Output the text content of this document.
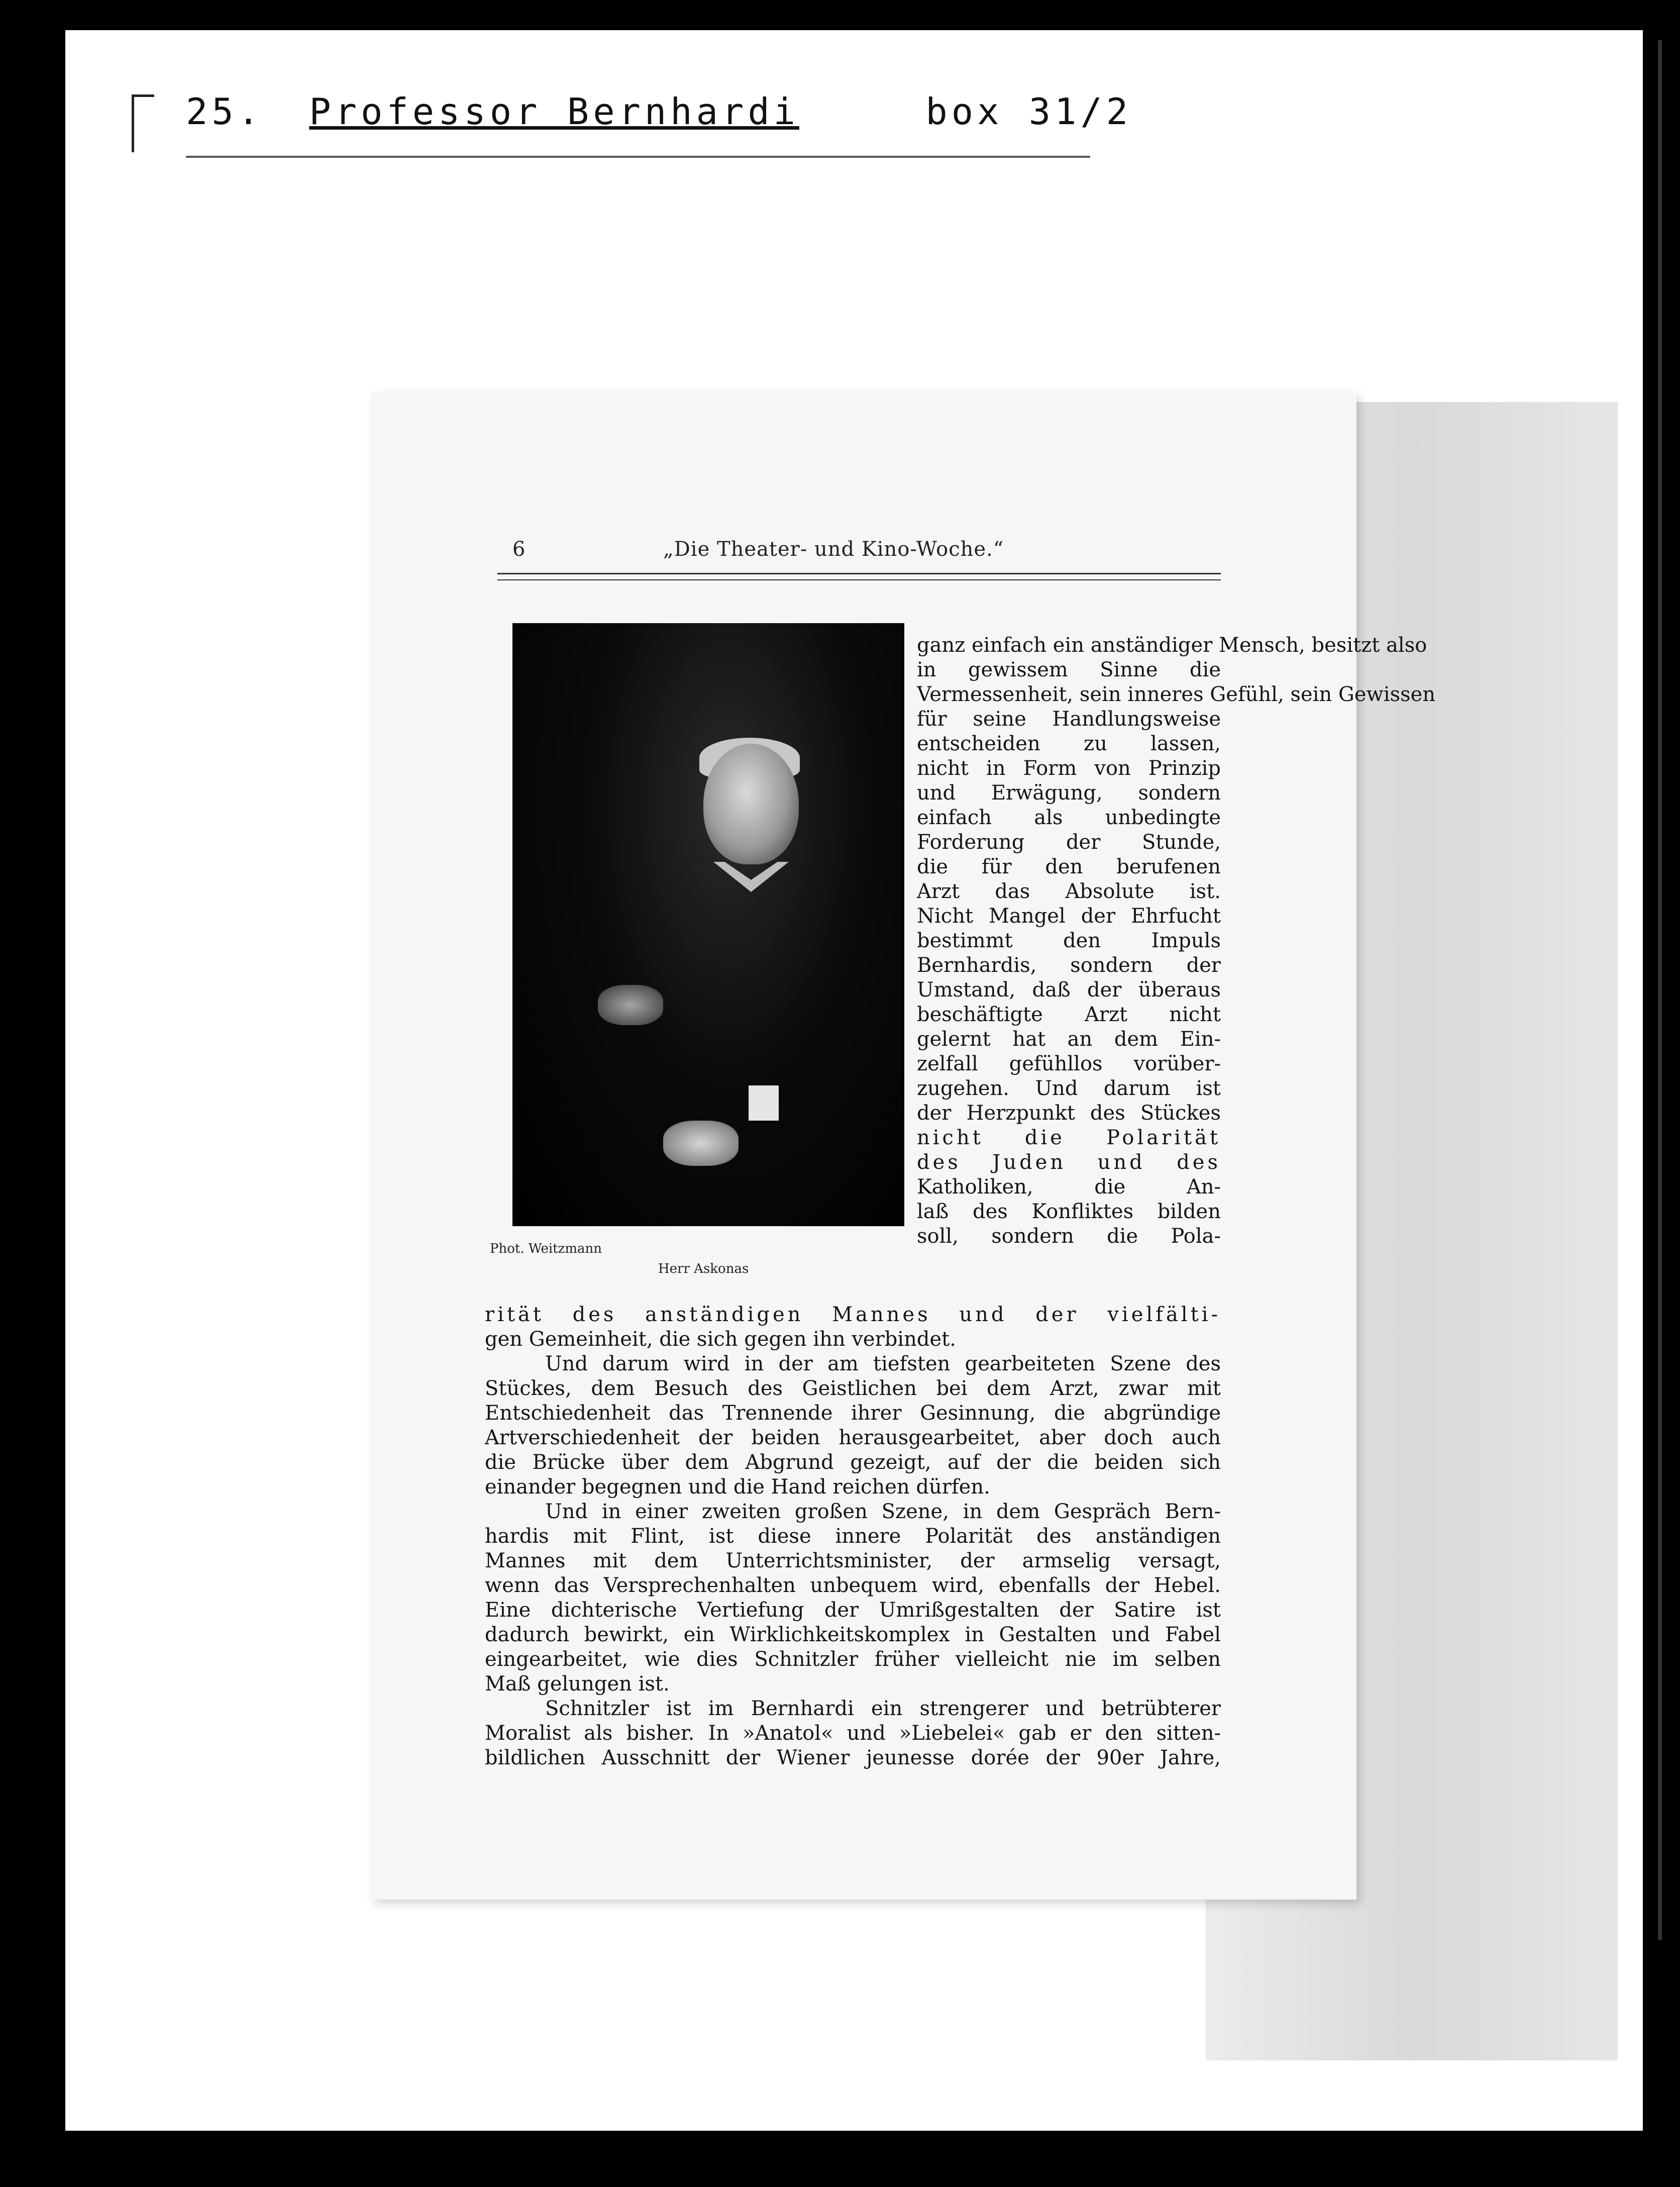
25. Professor Bernhardi	box 31/2
6	„Die Theater- und Kino-Woche.“
Phot. Weitzmann
Herr Askonas
ganz einfach ein anständiger Mensch, besitzt also
in gewissem Sinne die
Vermessenheit, sein inneres Gefühl, sein Gewissen
für seine Handlungsweise
entscheiden zu lassen,
nicht in Form von Prinzip
und Erwägung, sondern
einfach als unbedingte
Forderung der Stunde,
die für den berufenen
Arzt das Absolute ist.
Nicht Mangel der Ehrfucht
bestimmt den Impuls
Bernhardis, sondern der
Umstand, daß der überaus
beschäftigte Arzt nicht
gelernt hat an dem Ein-
zelfall gefühllos vorüber-
zugehen. Und darum ist
der Herzpunkt des Stückes
nicht die Polarität
des Juden und des
Katholiken, die An-
laß des Konfliktes bilden
soll, sondern die Pola-
rität des anständigen Mannes und der vielfälti-
gen Gemeinheit, die sich gegen ihn verbindet.
Und darum wird in der am tiefsten gearbeiteten Szene des
Stückes, dem Besuch des Geistlichen bei dem Arzt, zwar mit
Entschiedenheit das Trennende ihrer Gesinnung, die abgründige
Artverschiedenheit der beiden herausgearbeitet, aber doch auch
die Brücke über dem Abgrund gezeigt, auf der die beiden sich
einander begegnen und die Hand reichen dürfen.
Und in einer zweiten großen Szene, in dem Gespräch Bern-
hardis mit Flint, ist diese innere Polarität des anständigen
Mannes mit dem Unterrichtsminister, der armselig versagt,
wenn das Versprechenhalten unbequem wird, ebenfalls der Hebel.
Eine dichterische Vertiefung der Umrißgestalten der Satire ist
dadurch bewirkt, ein Wirklichkeitskomplex in Gestalten und Fabel
eingearbeitet, wie dies Schnitzler früher vielleicht nie im selben
Maß gelungen ist.
Schnitzler ist im Bernhardi ein strengerer und betrübterer
Moralist als bisher. In »Anatol« und »Liebelei« gab er den sitten-
bildlichen Ausschnitt der Wiener jeunesse dorée der 90er Jahre,
